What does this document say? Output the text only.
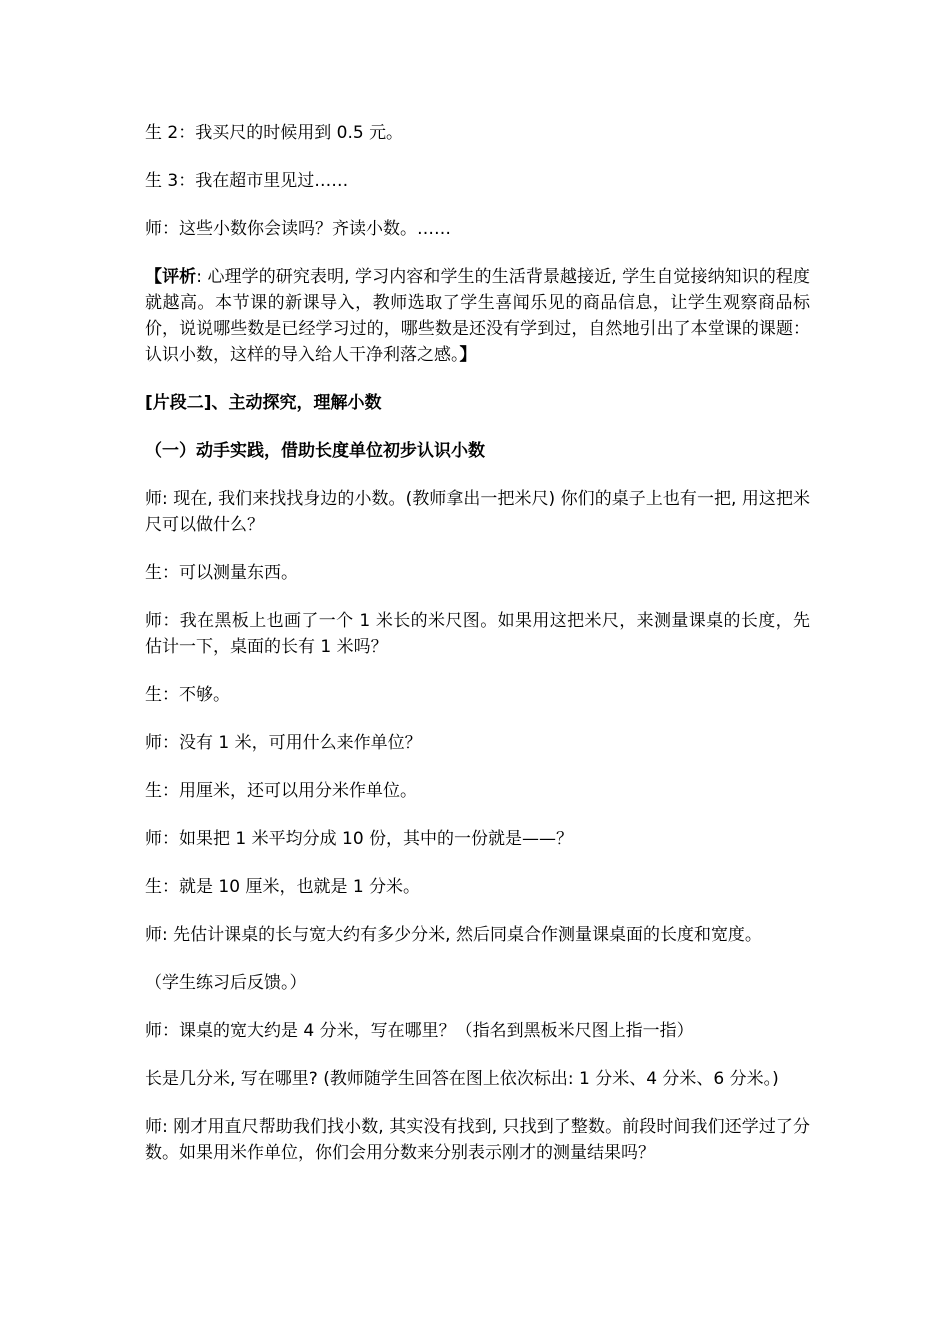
生 2：我买尺的时候用到 0.5 元。

生 3：我在超市里见过……

师：这些小数你会读吗？齐读小数。……

【评析: 心理学的研究表明, 学习内容和学生的生活背景越接近, 学生自觉接纳知识的程度就越高。本节课的新课导入，教师选取了学生喜闻乐见的商品信息，让学生观察商品标价，说说哪些数是已经学习过的，哪些数是还没有学到过，自然地引出了本堂课的课题：认识小数，这样的导入给人干净利落之感。】

[片段二]、主动探究，理解小数

（一）动手实践，借助长度单位初步认识小数

师: 现在, 我们来找找身边的小数。(教师拿出一把米尺) 你们的桌子上也有一把, 用这把米尺可以做什么？

生：可以测量东西。

师：我在黑板上也画了一个 1 米长的米尺图。如果用这把米尺，来测量课桌的长度，先估计一下，桌面的长有 1 米吗？

生：不够。

师：没有 1 米，可用什么来作单位？

生：用厘米，还可以用分米作单位。

师：如果把 1 米平均分成 10 份，其中的一份就是——？

生：就是 10 厘米，也就是 1 分米。

师: 先估计课桌的长与宽大约有多少分米, 然后同桌合作测量课桌面的长度和宽度。

（学生练习后反馈。）

师：课桌的宽大约是 4 分米，写在哪里？（指名到黑板米尺图上指一指）

长是几分米, 写在哪里? (教师随学生回答在图上依次标出: 1 分米、4 分米、6 分米。)

师: 刚才用直尺帮助我们找小数, 其实没有找到, 只找到了整数。前段时间我们还学过了分数。如果用米作单位，你们会用分数来分别表示刚才的测量结果吗？
